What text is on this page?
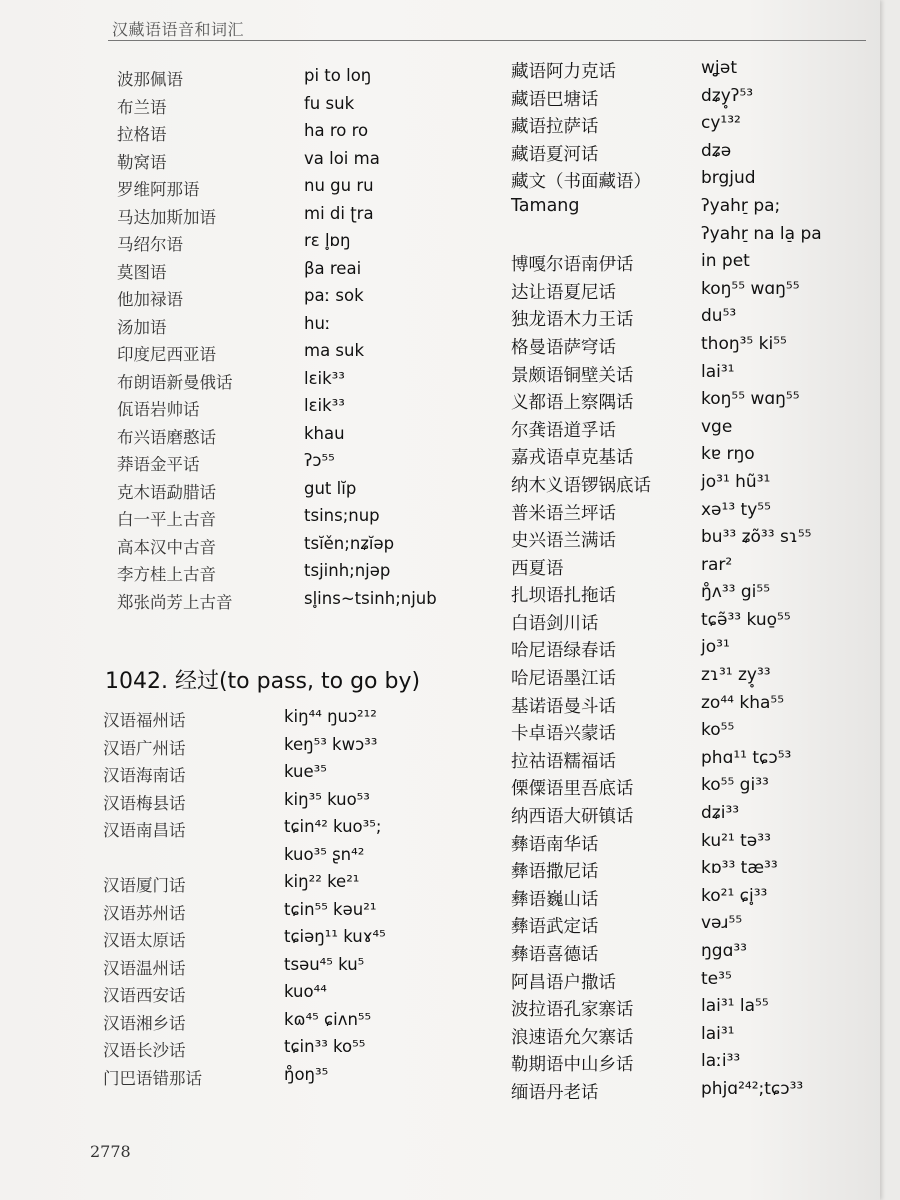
汉藏语语音和词汇
波那佩语	pi to loŋ
布兰语	fu suk
拉格语	ha ro ro
勒窝语	va loi ma
罗维阿那语	nu gu ru
马达加斯加语	mi di ʈra
马绍尔语	rɛ l̥ɒŋ
莫图语	βa reai
他加禄语	paː sok
汤加语	huː
印度尼西亚语	ma suk
布朗语新曼俄话	lɛik³³
佤语岩帅话	lɛik³³
布兴语磨憨话	khau
莽语金平话	ʔɔ⁵⁵
克木语勐腊话	gut lĭp
白一平上古音	tsins;nup
高本汉中古音	tsĭěn;nʑĭəp
李方桂上古音	tsjinh;njəp
郑张尚芳上古音	sl̥ins~tsinh;njub
1042. 经过(to pass, to go by)
汉语福州话	kiŋ⁴⁴ ŋuɔ²¹²
汉语广州话	keŋ⁵³ kwɔ³³
汉语海南话	kue³⁵
汉语梅县话	kiŋ³⁵ kuo⁵³
汉语南昌话	tɕin⁴² kuo³⁵;
kuo³⁵ ʂn⁴²
汉语厦门话	kiŋ²² ke²¹
汉语苏州话	tɕin⁵⁵ kəu²¹
汉语太原话	tɕiəŋ¹¹ kuɤ⁴⁵
汉语温州话	tsəu⁴⁵ ku⁵
汉语西安话	kuo⁴⁴
汉语湘乡话	kɷ⁴⁵ ɕiʌn⁵⁵
汉语长沙话	tɕin³³ ko⁵⁵
门巴语错那话	ŋ̊oŋ³⁵
藏语阿力克话	wʝət
藏语巴塘话	dʑy̥ʔ⁵³
藏语拉萨话	cy¹³²
藏语夏河话	dʑə
藏文（书面藏语）	brgjud
Tamang	ʔyahr̠ pa;
ʔyahr̠ na la̠ pa
博嘎尔语南伊话	in pet
达让语夏尼话	koŋ⁵⁵ wɑŋ⁵⁵
独龙语木力王话	du⁵³
格曼语萨穹话	thoŋ³⁵ ki⁵⁵
景颇语铜壁关话	lai³¹
义都语上察隅话	koŋ⁵⁵ wɑŋ⁵⁵
尔龚语道孚话	vge
嘉戎语卓克基话	kɐ rŋo
纳木义语锣锅底话	jo³¹ hũ³¹
普米语兰坪话	xə¹³ ty⁵⁵
史兴语兰满话	bu³³ ʑõ³³ sɿ⁵⁵
西夏语	rar²
扎坝语扎拖话	ŋ̊ʌ³³ gi⁵⁵
白语剑川话	tɕə̃³³ kuo̱⁵⁵
哈尼语绿春话	jo³¹
哈尼语墨江话	zɿ³¹ zy̥³³
基诺语曼斗话	zo⁴⁴ kha⁵⁵
卡卓语兴蒙话	ko⁵⁵
拉祜语糯福话	phɑ¹¹ tɕɔ⁵³
傈僳语里吾底话	ko⁵⁵ gi³³
纳西语大研镇话	dʑi³³
彝语南华话	ku²¹ tə³³
彝语撒尼话	kɒ³³ tæ³³
彝语巍山话	ko²¹ ɕi̥³³
彝语武定话	vəɹ⁵⁵
彝语喜德话	ŋgɑ³³
阿昌语户撒话	te³⁵
波拉语孔家寨话	lai³¹ la⁵⁵
浪速语允欠寨话	lai³¹
勒期语中山乡话	laːi³³
缅语丹老话	phjɑ²⁴²;tɕɔ³³
2778
